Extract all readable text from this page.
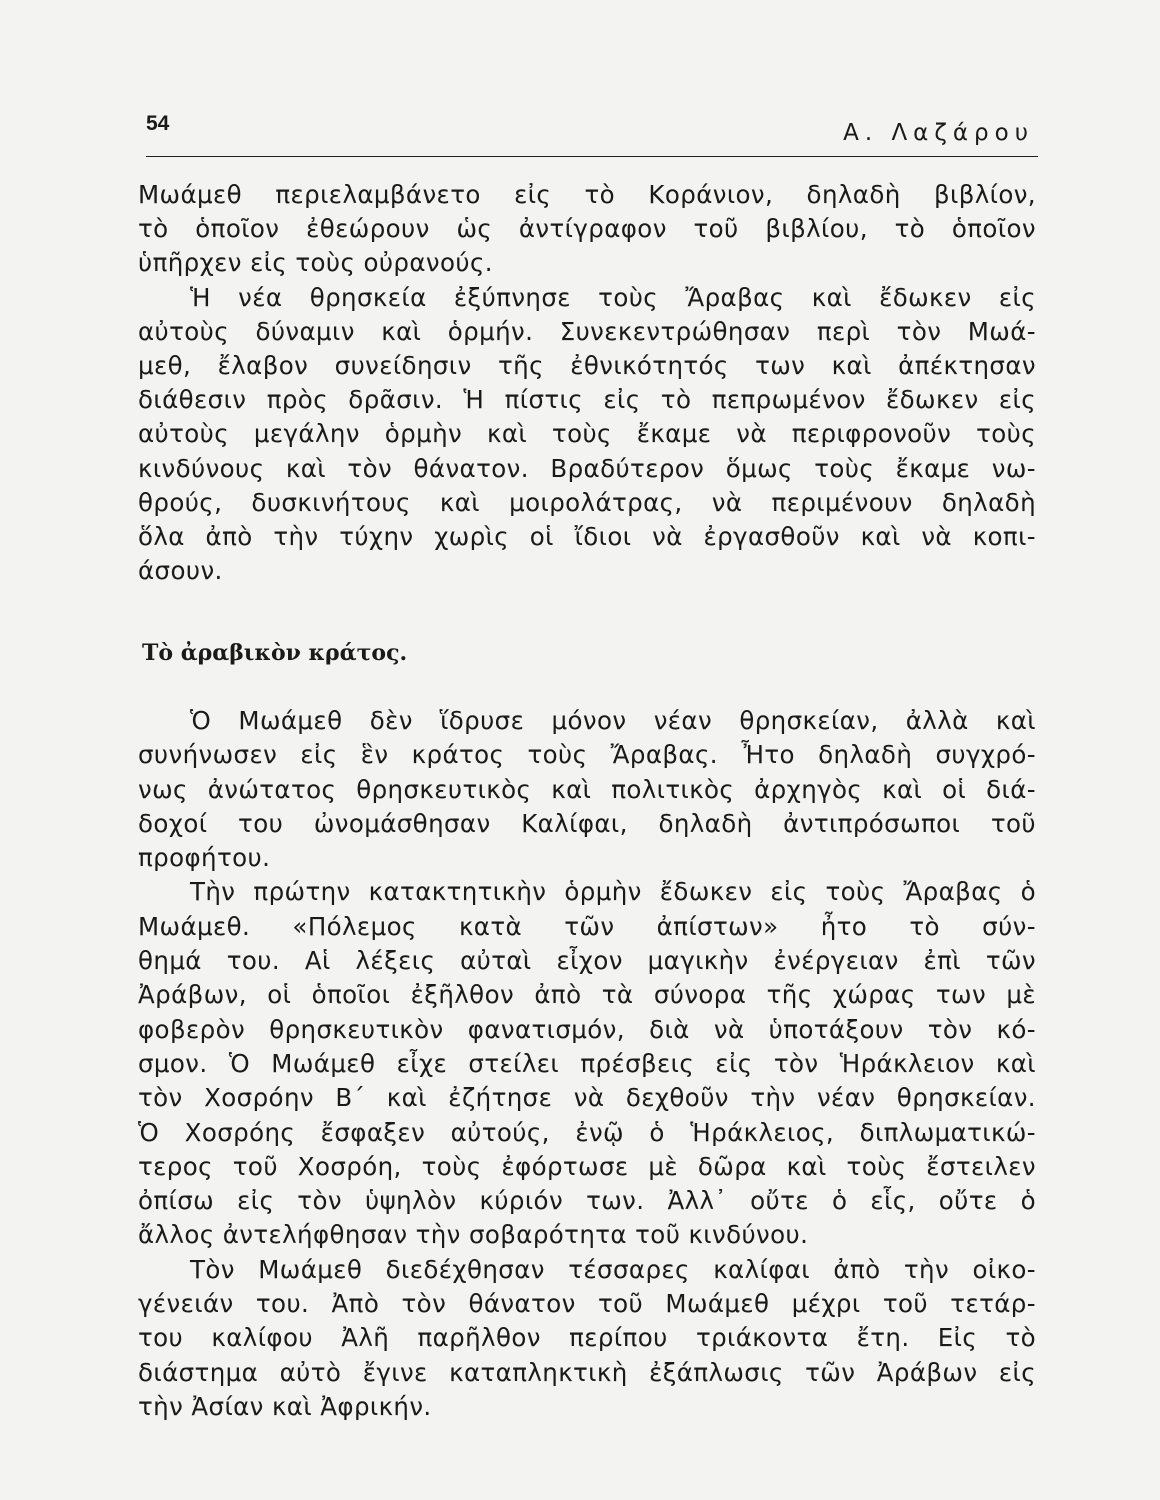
54	Α. Λαζάρου
Μωάμεθ περιελαμβάνετο εἰς τὸ Κοράνιον, δηλαδὴ βιβλίον,
τὸ ὁποῖον ἐθεώρουν ὡς ἀντίγραφον τοῦ βιβλίου, τὸ ὁποῖον
ὑπῆρχεν εἰς τοὺς οὐρανούς.
Ἡ νέα θρησκεία ἐξύπνησε τοὺς Ἄραβας καὶ ἔδωκεν εἰς
αὐτοὺς δύναμιν καὶ ὁρμήν. Συνεκεντρώθησαν περὶ τὸν Μωά-
μεθ, ἔλαβον συνείδησιν τῆς ἐθνικότητός των καὶ ἀπέκτησαν
διάθεσιν πρὸς δρᾶσιν. Ἡ πίστις εἰς τὸ πεπρωμένον ἔδωκεν εἰς
αὐτοὺς μεγάλην ὁρμὴν καὶ τοὺς ἔκαμε νὰ περιφρονοῦν τοὺς
κινδύνους καὶ τὸν θάνατον. Βραδύτερον ὅμως τοὺς ἔκαμε νω-
θρούς, δυσκινήτους καὶ μοιρολάτρας, νὰ περιμένουν δηλαδὴ
ὅλα ἀπὸ τὴν τύχην χωρὶς οἱ ἴδιοι νὰ ἐργασθοῦν καὶ νὰ κοπι-
άσουν.
Τὸ ἀραβικὸν κράτος.
Ὁ Μωάμεθ δὲν ἵδρυσε μόνον νέαν θρησκείαν, ἀλλὰ καὶ
συνήνωσεν εἰς ἓν κράτος τοὺς Ἄραβας. Ἦτο δηλαδὴ συγχρό-
νως ἀνώτατος θρησκευτικὸς καὶ πολιτικὸς ἀρχηγὸς καὶ οἱ διά-
δοχοί του ὠνομάσθησαν Καλίφαι, δηλαδὴ ἀντιπρόσωποι τοῦ
προφήτου.
Τὴν πρώτην κατακτητικὴν ὁρμὴν ἔδωκεν εἰς τοὺς Ἄραβας ὁ
Μωάμεθ. «Πόλεμος κατὰ τῶν ἀπίστων» ἦτο τὸ σύν-
θημά του. Αἱ λέξεις αὐταὶ εἶχον μαγικὴν ἐνέργειαν ἐπὶ τῶν
Ἀράβων, οἱ ὁποῖοι ἐξῆλθον ἀπὸ τὰ σύνορα τῆς χώρας των μὲ
φοβερὸν θρησκευτικὸν φανατισμόν, διὰ νὰ ὑποτάξουν τὸν κό-
σμον. Ὁ Μωάμεθ εἶχε στείλει πρέσβεις εἰς τὸν Ἡράκλειον καὶ
τὸν Χοσρόην Β΄ καὶ ἐζήτησε νὰ δεχθοῦν τὴν νέαν θρησκείαν.
Ὁ Χοσρόης ἔσφαξεν αὐτούς, ἐνῷ ὁ Ἡράκλειος, διπλωματικώ-
τερος τοῦ Χοσρόη, τοὺς ἐφόρτωσε μὲ δῶρα καὶ τοὺς ἔστειλεν
ὀπίσω εἰς τὸν ὑψηλὸν κύριόν των. Ἀλλ᾽ οὔτε ὁ εἷς, οὔτε ὁ
ἄλλος ἀντελήφθησαν τὴν σοβαρότητα τοῦ κινδύνου.
Τὸν Μωάμεθ διεδέχθησαν τέσσαρες καλίφαι ἀπὸ τὴν οἰκο-
γένειάν του. Ἀπὸ τὸν θάνατον τοῦ Μωάμεθ μέχρι τοῦ τετάρ-
του καλίφου Ἀλῆ παρῆλθον περίπου τριάκοντα ἔτη. Εἰς τὸ
διάστημα αὐτὸ ἔγινε καταπληκτικὴ ἐξάπλωσις τῶν Ἀράβων εἰς
τὴν Ἀσίαν καὶ Ἀφρικήν.
